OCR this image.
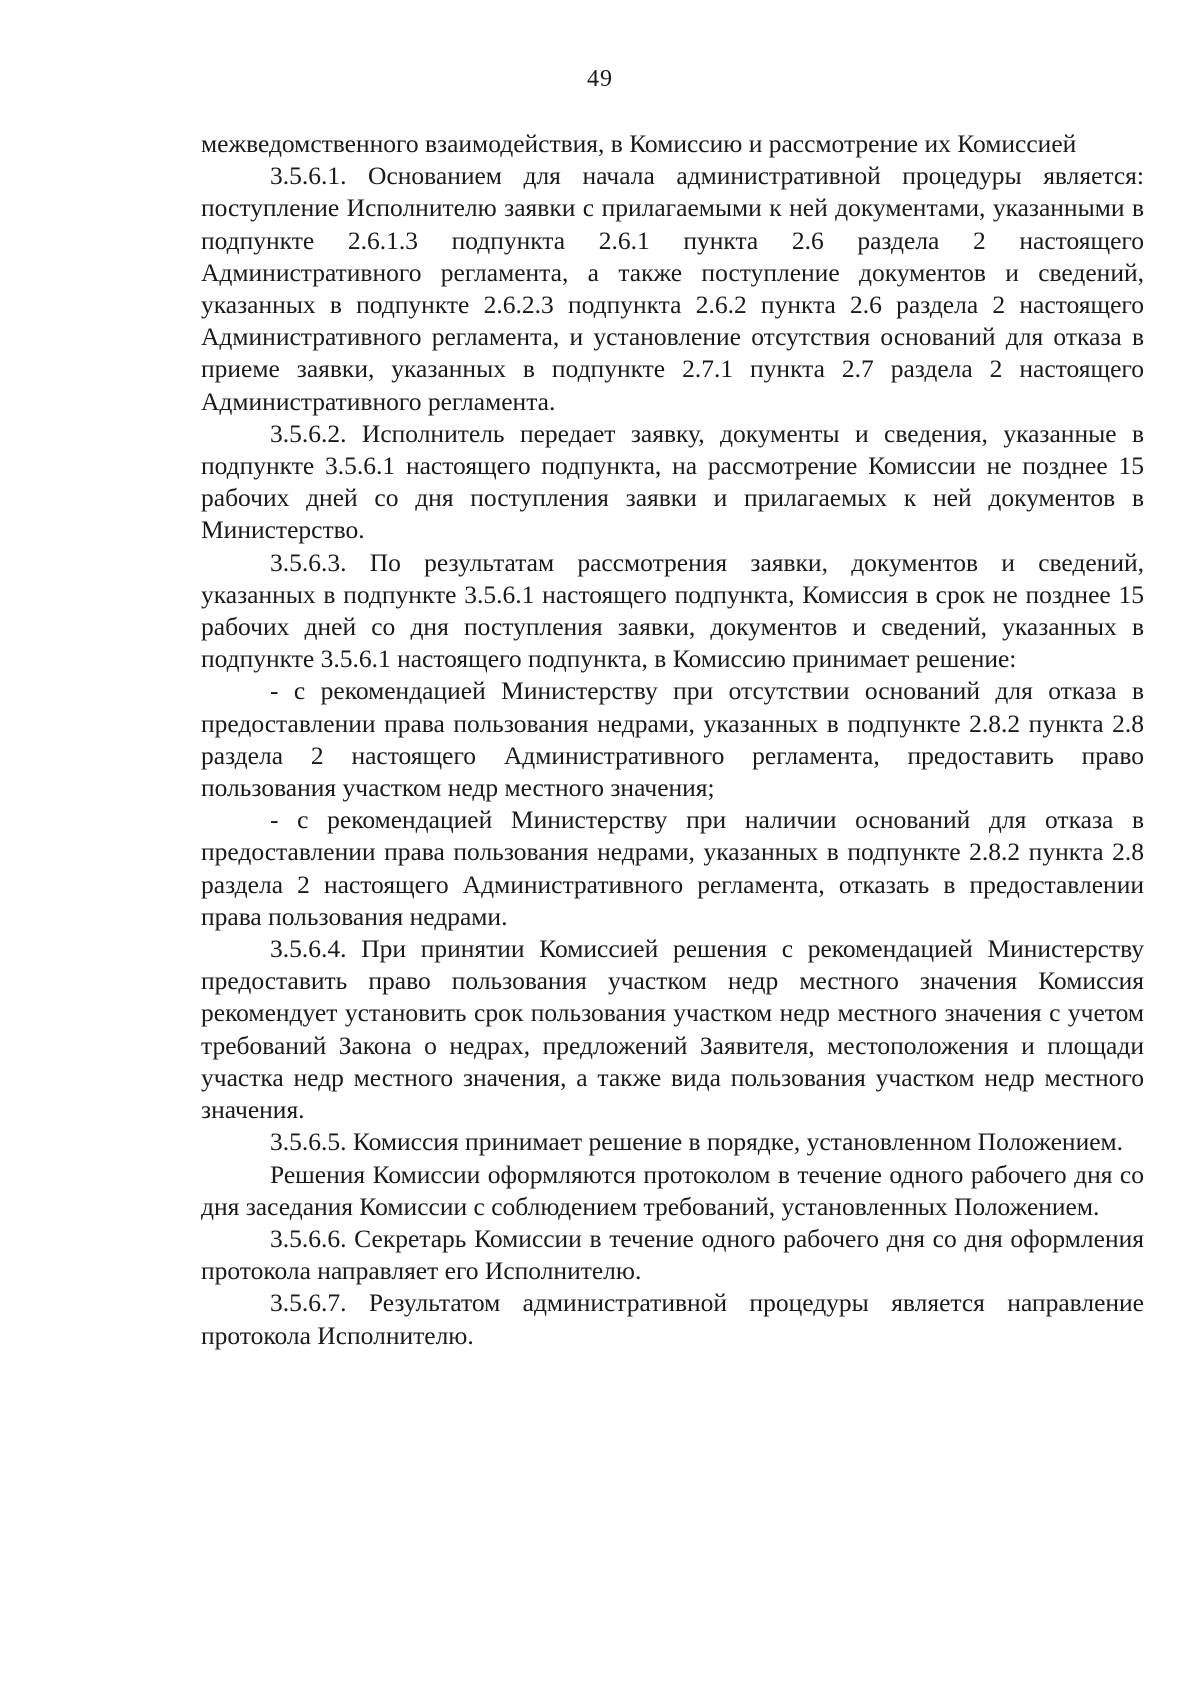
49

межведомственного взаимодействия, в Комиссию и рассмотрение их Комиссией

3.5.6.1. Основанием для начала административной процедуры является: поступление Исполнителю заявки с прилагаемыми к ней документами, указанными в подпункте 2.6.1.3 подпункта 2.6.1 пункта 2.6 раздела 2 настоящего Административного регламента, а также поступление документов и сведений, указанных в подпункте 2.6.2.3 подпункта 2.6.2 пункта 2.6 раздела 2 настоящего Административного регламента, и установление отсутствия оснований для отказа в приеме заявки, указанных в подпункте 2.7.1 пункта 2.7 раздела 2 настоящего Административного регламента.

3.5.6.2. Исполнитель передает заявку, документы и сведения, указанные в подпункте 3.5.6.1 настоящего подпункта, на рассмотрение Комиссии не позднее 15 рабочих дней со дня поступления заявки и прилагаемых к ней документов в Министерство.

3.5.6.3. По результатам рассмотрения заявки, документов и сведений, указанных в подпункте 3.5.6.1 настоящего подпункта, Комиссия в срок не позднее 15 рабочих дней со дня поступления заявки, документов и сведений, указанных в подпункте 3.5.6.1 настоящего подпункта, в Комиссию принимает решение:

- с рекомендацией Министерству при отсутствии оснований для отказа в предоставлении права пользования недрами, указанных в подпункте 2.8.2 пункта 2.8 раздела 2 настоящего Административного регламента, предоставить право пользования участком недр местного значения;

- с рекомендацией Министерству при наличии оснований для отказа в предоставлении права пользования недрами, указанных в подпункте 2.8.2 пункта 2.8 раздела 2 настоящего Административного регламента, отказать в предоставлении права пользования недрами.

3.5.6.4. При принятии Комиссией решения с рекомендацией Министерству предоставить право пользования участком недр местного значения Комиссия рекомендует установить срок пользования участком недр местного значения с учетом требований Закона о недрах, предложений Заявителя, местоположения и площади участка недр местного значения, а также вида пользования участком недр местного значения.

3.5.6.5. Комиссия принимает решение в порядке, установленном Положением.

Решения Комиссии оформляются протоколом в течение одного рабочего дня со дня заседания Комиссии с соблюдением требований, установленных Положением.

3.5.6.6. Секретарь Комиссии в течение одного рабочего дня со дня оформления протокола направляет его Исполнителю.

3.5.6.7. Результатом административной процедуры является направление протокола Исполнителю.
